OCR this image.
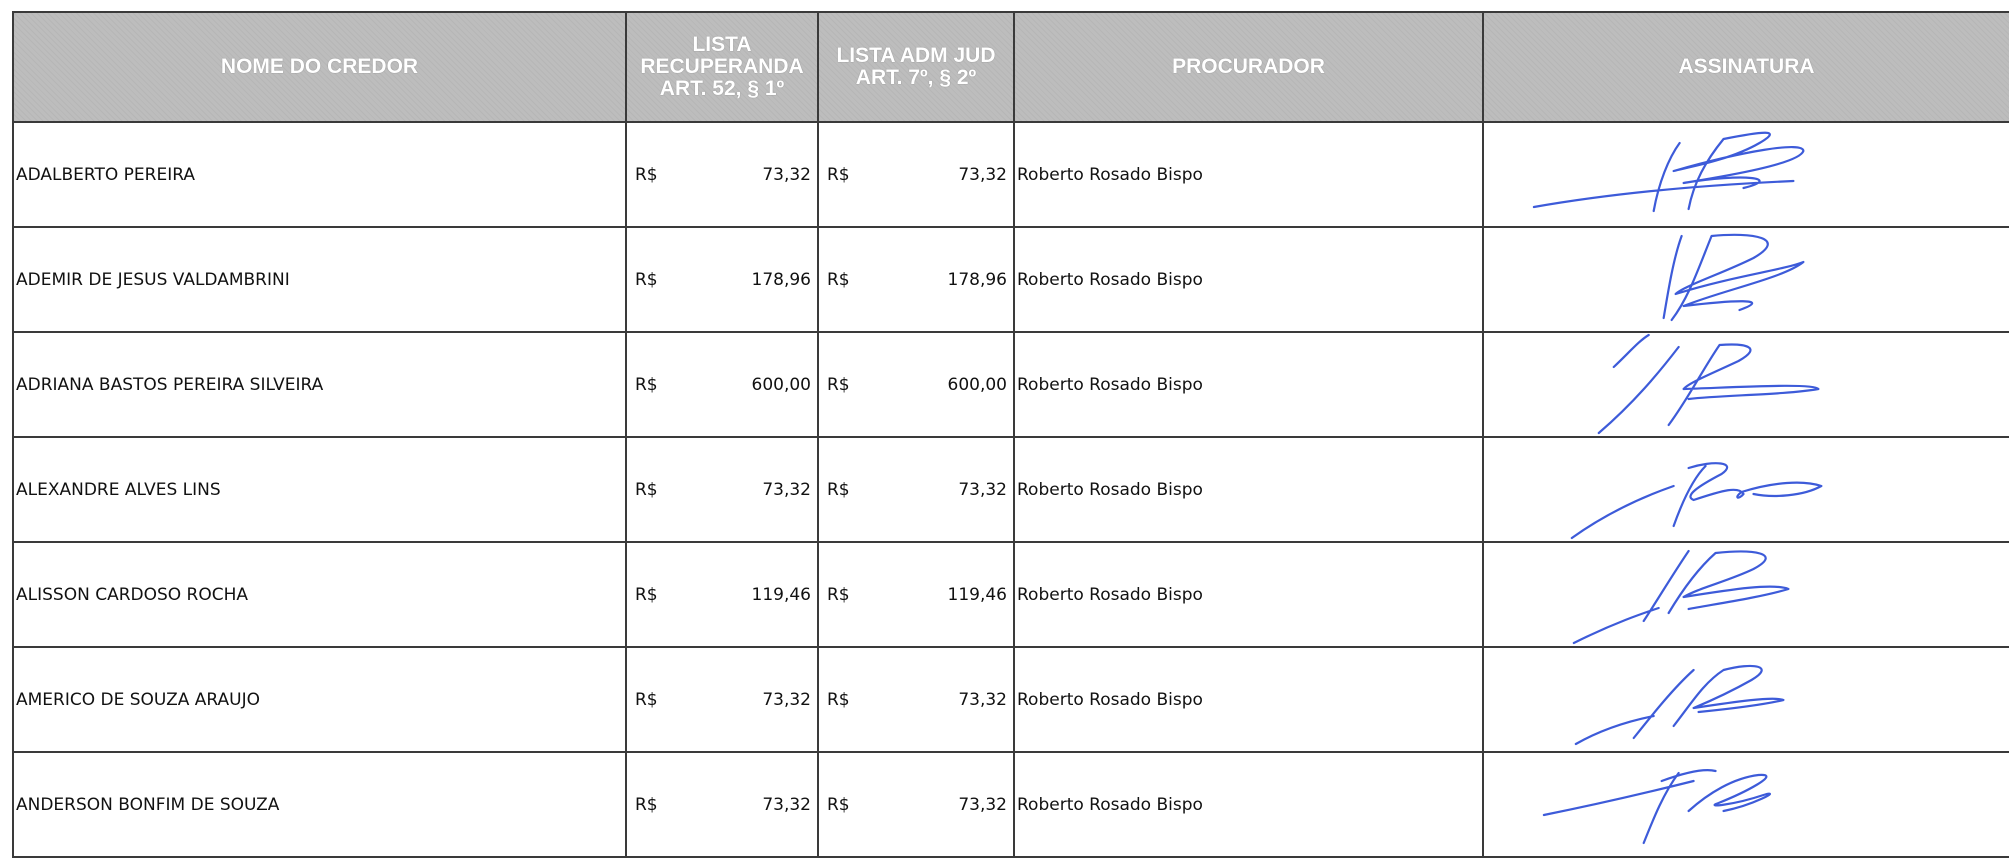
NOME DO CREDOR	LISTA
RECUPERANDA
ART. 52, § 1º	LISTA ADM JUD
ART. 7º, § 2º	PROCURADOR	ASSINATURA
ADALBERTO PEREIRA	R$ 73,32	R$ 73,32	Roberto Rosado Bispo	

ADEMIR DE JESUS VALDAMBRINI	R$ 178,96	R$ 178,96	Roberto Rosado Bispo	

ADRIANA BASTOS PEREIRA SILVEIRA	R$ 600,00	R$ 600,00	Roberto Rosado Bispo	

ALEXANDRE ALVES LINS	R$ 73,32	R$ 73,32	Roberto Rosado Bispo	

ALISSON CARDOSO ROCHA	R$ 119,46	R$ 119,46	Roberto Rosado Bispo	

AMERICO DE SOUZA ARAUJO	R$ 73,32	R$ 73,32	Roberto Rosado Bispo	

ANDERSON BONFIM DE SOUZA	R$ 73,32	R$ 73,32	Roberto Rosado Bispo	
